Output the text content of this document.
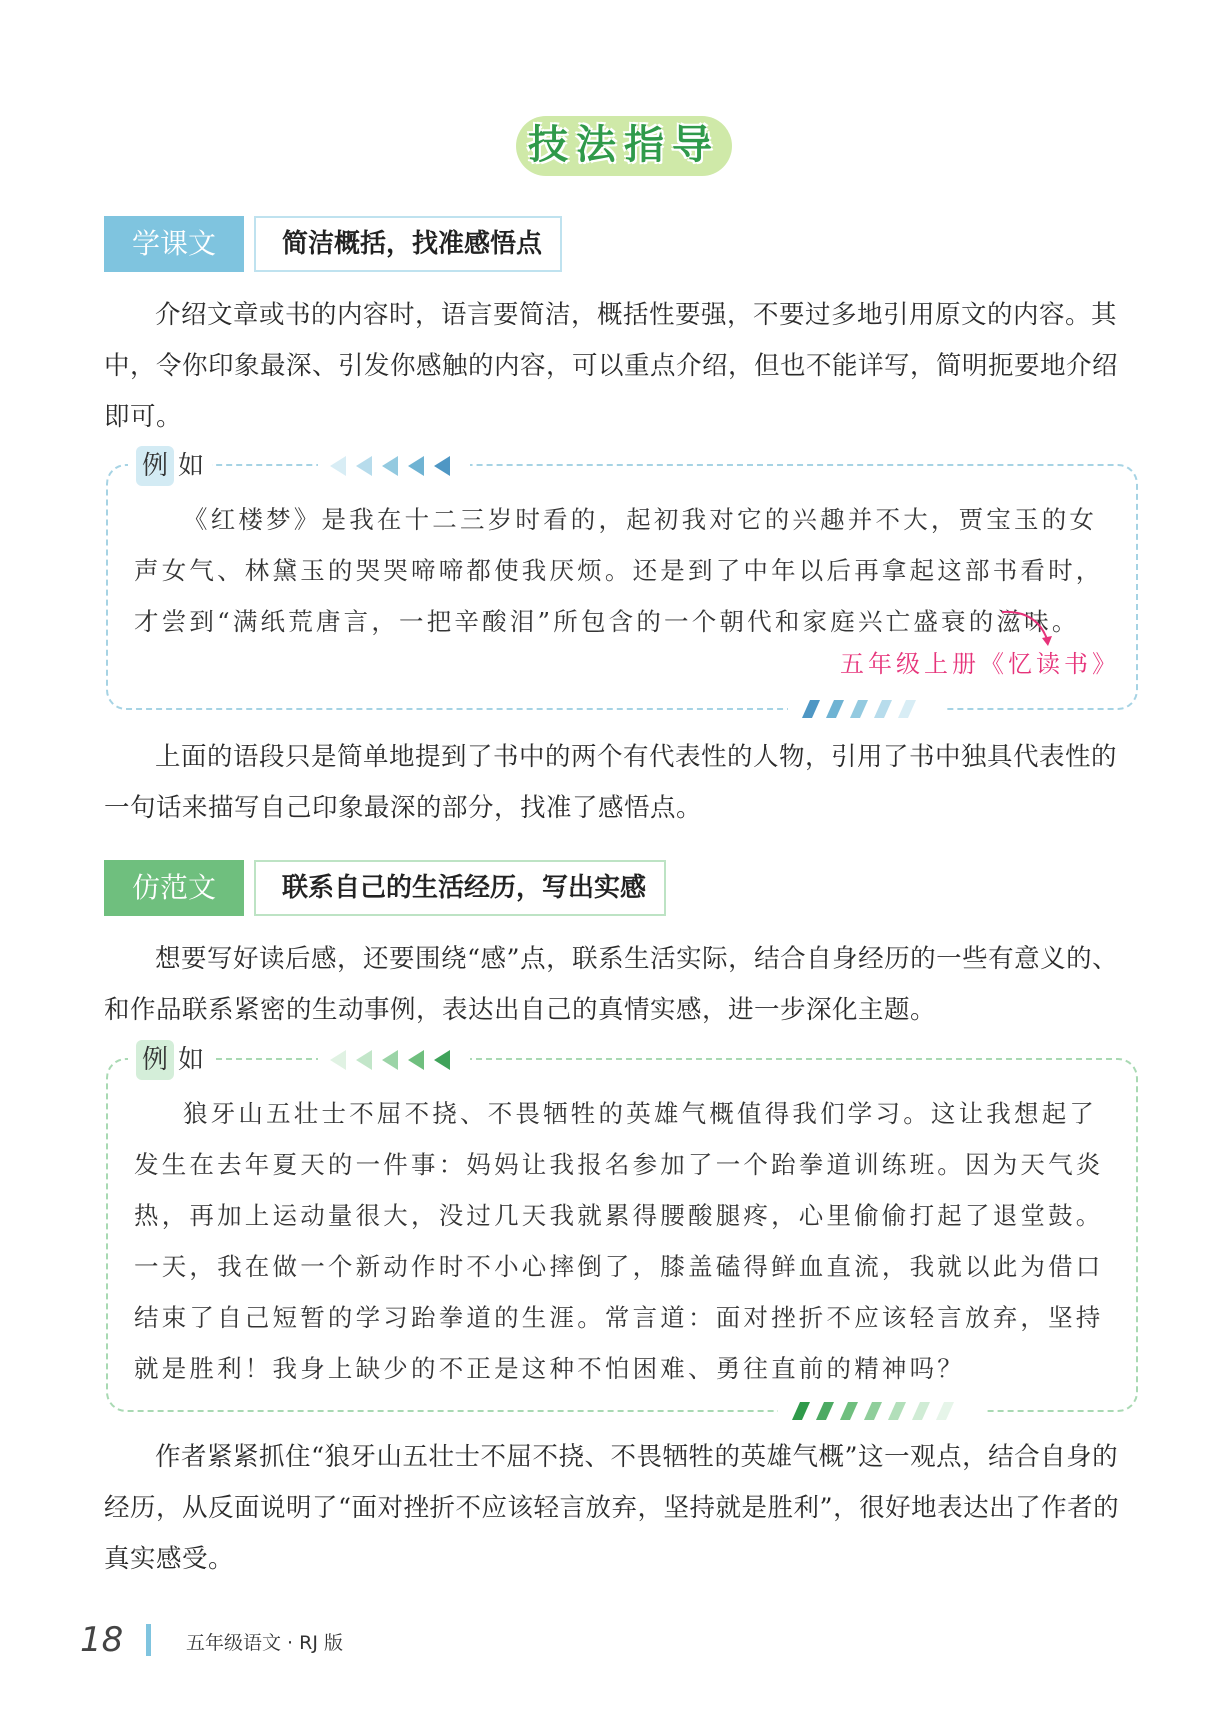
技法指导
学课文	简洁概括，找准感悟点
介绍文章或书的内容时，语言要简洁，概括性要强，不要过多地引用原文的内容。其中，令你印象最深、引发你感触的内容，可以重点介绍，但也不能详写，简明扼要地介绍即可。
例 如
《红楼梦》是我在十二三岁时看的，起初我对它的兴趣并不大，贾宝玉的女声女气、林黛玉的哭哭啼啼都使我厌烦。还是到了中年以后再拿起这部书看时，才尝到“满纸荒唐言，一把辛酸泪”所包含的一个朝代和家庭兴亡盛衰的滋味。
五年级上册《忆读书》
上面的语段只是简单地提到了书中的两个有代表性的人物，引用了书中独具代表性的一句话来描写自己印象最深的部分，找准了感悟点。
仿范文	联系自己的生活经历，写出实感
想要写好读后感，还要围绕“感”点，联系生活实际，结合自身经历的一些有意义的、和作品联系紧密的生动事例，表达出自己的真情实感，进一步深化主题。
例 如
狼牙山五壮士不屈不挠、不畏牺牲的英雄气概值得我们学习。这让我想起了发生在去年夏天的一件事：妈妈让我报名参加了一个跆拳道训练班。因为天气炎热，再加上运动量很大，没过几天我就累得腰酸腿疼，心里偷偷打起了退堂鼓。一天，我在做一个新动作时不小心摔倒了，膝盖磕得鲜血直流，我就以此为借口结束了自己短暂的学习跆拳道的生涯。常言道：面对挫折不应该轻言放弃，坚持就是胜利！我身上缺少的不正是这种不怕困难、勇往直前的精神吗？
作者紧紧抓住“狼牙山五壮士不屈不挠、不畏牺牲的英雄气概”这一观点，结合自身的经历，从反面说明了“面对挫折不应该轻言放弃，坚持就是胜利”，很好地表达出了作者的真实感受。
18	五年级语文 · RJ 版
